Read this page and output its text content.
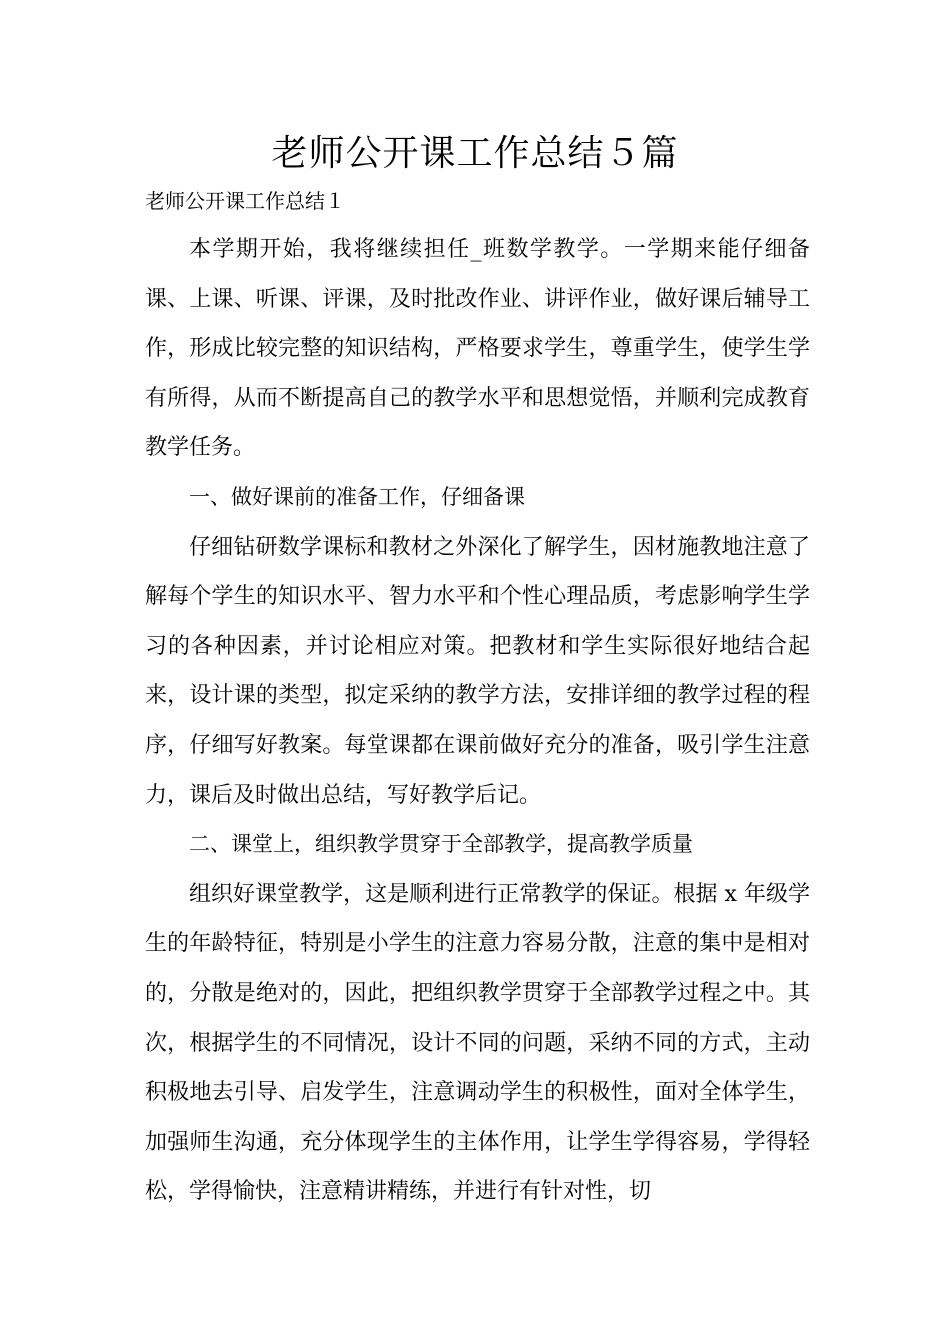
老师公开课工作总结５篇

老师公开课工作总结１

本学期开始，我将继续担任_班数学教学。一学期来能仔细备课、上课、听课、评课，及时批改作业、讲评作业，做好课后辅导工作，形成比较完整的知识结构，严格要求学生，尊重学生，使学生学有所得，从而不断提高自己的教学水平和思想觉悟，并顺利完成教育教学任务。

一、做好课前的准备工作，仔细备课

仔细钻研数学课标和教材之外深化了解学生，因材施教地注意了解每个学生的知识水平、智力水平和个性心理品质，考虑影响学生学习的各种因素，并讨论相应对策。把教材和学生实际很好地结合起来，设计课的类型，拟定采纳的教学方法，安排详细的教学过程的程序，仔细写好教案。每堂课都在课前做好充分的准备，吸引学生注意力，课后及时做出总结，写好教学后记。

二、课堂上，组织教学贯穿于全部教学，提高教学质量

组织好课堂教学，这是顺利进行正常教学的保证。根据 x 年级学生的年龄特征，特别是小学生的注意力容易分散，注意的集中是相对的，分散是绝对的，因此，把组织教学贯穿于全部教学过程之中。其次，根据学生的不同情况，设计不同的问题，采纳不同的方式，主动积极地去引导、启发学生，注意调动学生的积极性，面对全体学生，加强师生沟通，充分体现学生的主体作用，让学生学得容易，学得轻松，学得愉快，注意精讲精练，并进行有针对性，切
